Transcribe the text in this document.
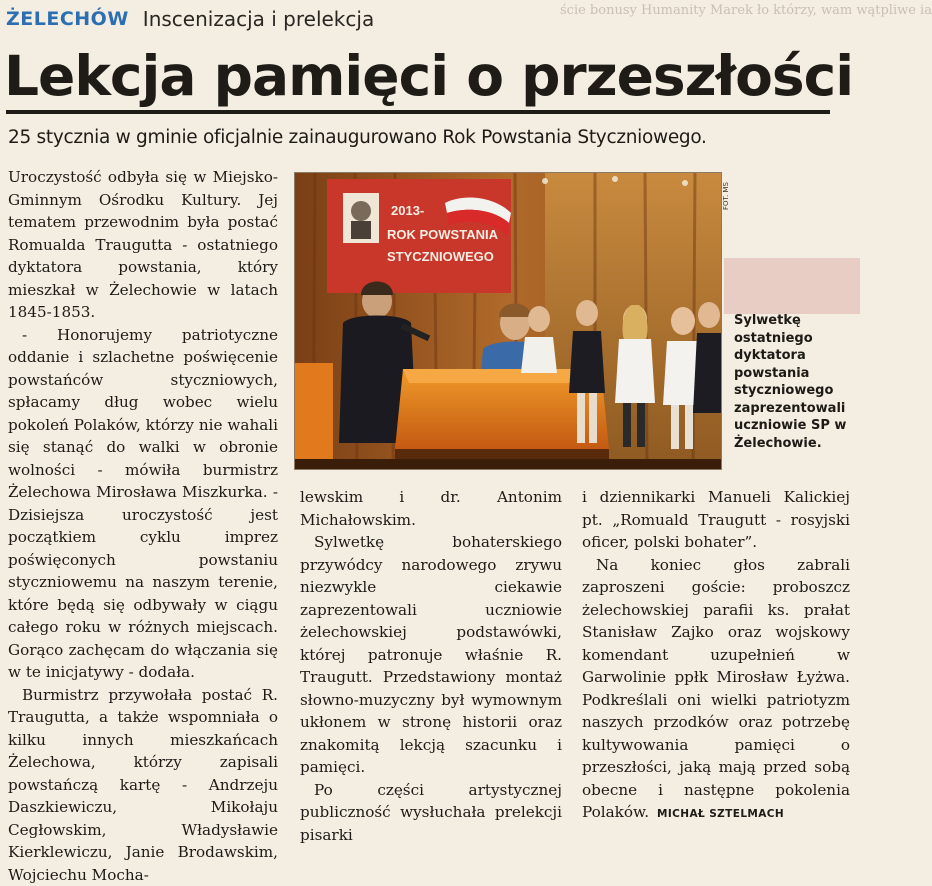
ście bonusy Humanity Marek ło którzy, wam wątpliwe ia
ŻELECHÓW Inscenizacja i prelekcja
Lekcja pamięci o przeszłości

25 stycznia w gminie oficjalnie zainaugurowano Rok Powstania Styczniowego.

Uroczystość odbyła się w Miejsko-Gminnym Ośrodku Kultury. Jej tematem przewodnim była postać Romualda Traugutta - ostatniego dyktatora powstania, który mieszkał w Żelechowie w latach 1845-1853.

- Honorujemy patriotyczne oddanie i szlachetne poświęcenie powstańców styczniowych, spłacamy dług wobec wielu pokoleń Polaków, którzy nie wahali się stanąć do walki w obronie wolności - mówiła burmistrz Żelechowa Mirosława Miszkurka. - Dzisiejsza uroczystość jest początkiem cyklu imprez poświęconych powstaniu styczniowemu na naszym terenie, które będą się odbywały w ciągu całego roku w różnych miejscach. Gorąco zachęcam do włączania się w te inicjatywy - dodała.

Burmistrz przywołała postać R. Traugutta, a także wspomniała o kilku innych mieszkańcach Żelechowa, którzy zapisali powstańczą kartę - Andrzeju Daszkiewiczu, Mikołaju Cegłowskim, Władysławie Kierklewiczu, Janie Brodawskim, Wojciechu Mocha-

2013-
ROK POWSTANIA
STYCZNIOWEGO
FOT. MS

Sylwetkę ostatniego dyktatora powstania styczniowego zaprezentowali uczniowie SP w Żelechowie.

lewskim i dr. Antonim Michałowskim.

Sylwetkę bohaterskiego przywódcy narodowego zrywu niezwykle ciekawie zaprezentowali uczniowie żelechowskiej podstawówki, której patronuje właśnie R. Traugutt. Przedstawiony montaż słowno-muzyczny był wymownym ukłonem w stronę historii oraz znakomitą lekcją szacunku i pamięci.

Po części artystycznej publiczność wysłuchała prelekcji pisarki

i dziennikarki Manueli Kalickiej pt. „Romuald Traugutt - rosyjski oficer, polski bohater”.

Na koniec głos zabrali zaproszeni goście: proboszcz żelechowskiej parafii ks. prałat Stanisław Zajko oraz wojskowy komendant uzupełnień w Garwolinie ppłk Mirosław Łyżwa. Podkreślali oni wielki patriotyzm naszych przodków oraz potrzebę kultywowania pamięci o przeszłości, jaką mają przed sobą obecne i następne pokolenia Polaków. MICHAŁ SZTELMACH
